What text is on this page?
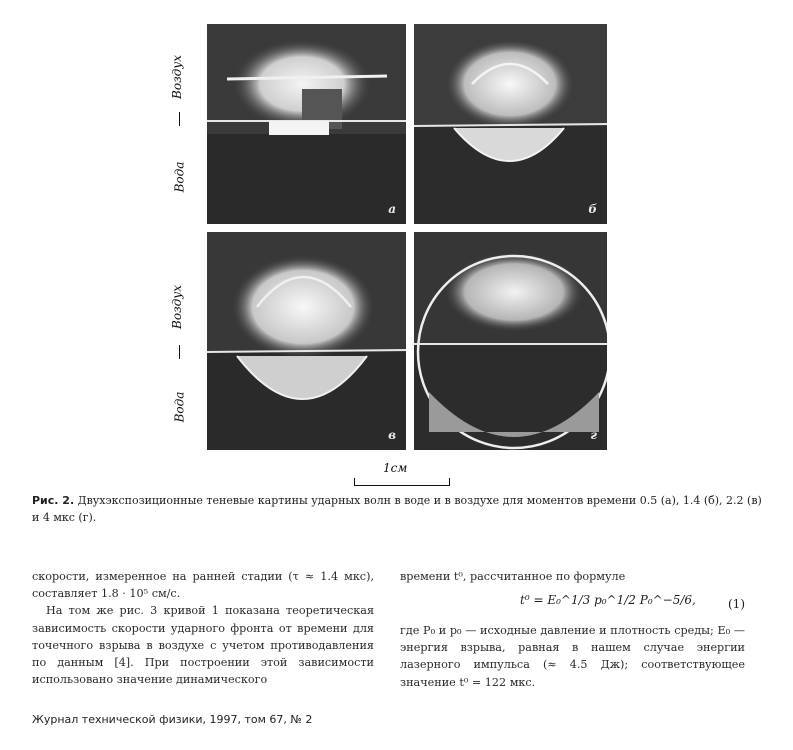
а	б
в	г
Воздух
Вода
Воздух
Вода
1см
Рис. 2. Двухэкспозиционные теневые картины ударных волн в воде и в воздухе для моментов времени 0.5 (а), 1.4 (б), 2.2 (в) и 4 мкс (г).

скорости, измеренное на ранней стадии (τ ≈ 1.4 мкс), составляет 1.8 · 10⁵ см/с.

На том же рис. 3 кривой 1 показана теоретическая зависимость скорости ударного фронта от времени для точечного взрыва в воздухе с учетом противодавления по данным [4]. При построении этой зависимости использовано значение динамического

времени t⁰, рассчитанное по формуле

t⁰ = E₀^1/3 p₀^1/2 P₀^−5/6,	(1)

где P₀ и p₀ — исходные давление и плотность среды; E₀ — энергия взрыва, равная в нашем случае энергии лазерного импульса (≈ 4.5 Дж); соответствующее значение t⁰ = 122 мкс.

Журнал технической физики, 1997, том 67, № 2
